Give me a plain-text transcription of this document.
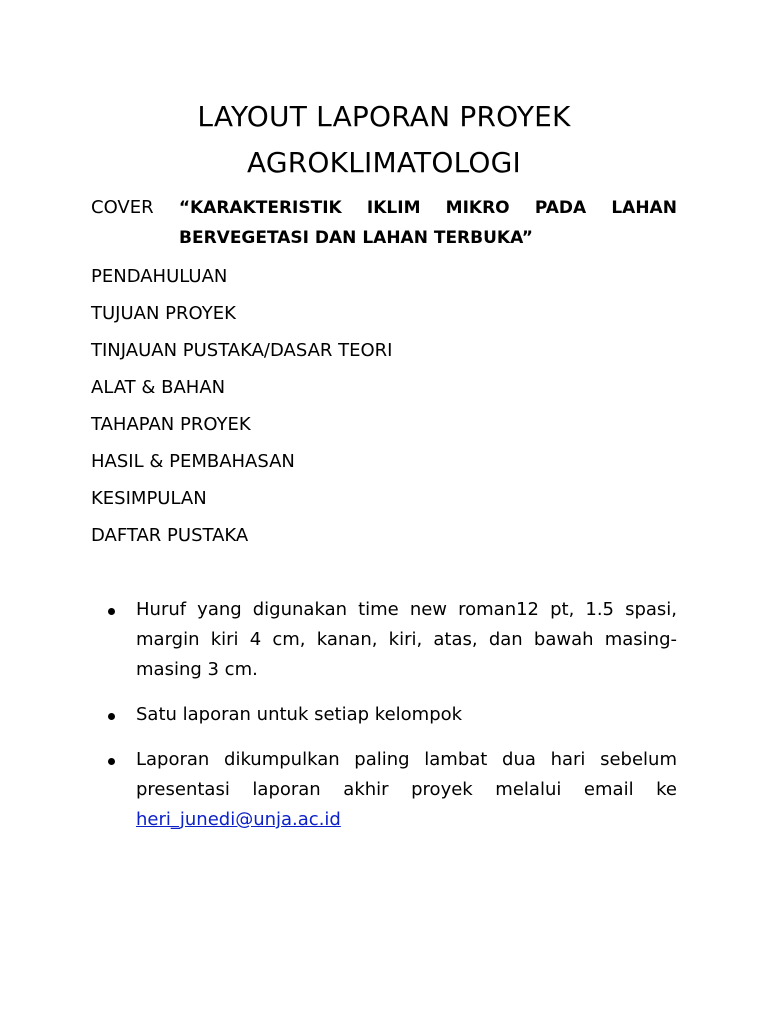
LAYOUT LAPORAN PROYEK
AGROKLIMATOLOGI
COVER “KARAKTERISTIK IKLIM MIKRO PADA LAHAN
BERVEGETASI DAN LAHAN TERBUKA”
PENDAHULUAN
TUJUAN PROYEK
TINJAUAN PUSTAKA/DASAR TEORI
ALAT & BAHAN
TAHAPAN PROYEK
HASIL & PEMBAHASAN
KESIMPULAN
DAFTAR PUSTAKA
Huruf yang digunakan time new roman12 pt, 1.5 spasi, margin kiri 4 cm, kanan, kiri, atas, dan bawah masing-masing 3 cm.
Satu laporan untuk setiap kelompok
Laporan dikumpulkan paling lambat dua hari sebelum presentasi laporan akhir proyek melalui email ke heri_junedi@unja.ac.id
